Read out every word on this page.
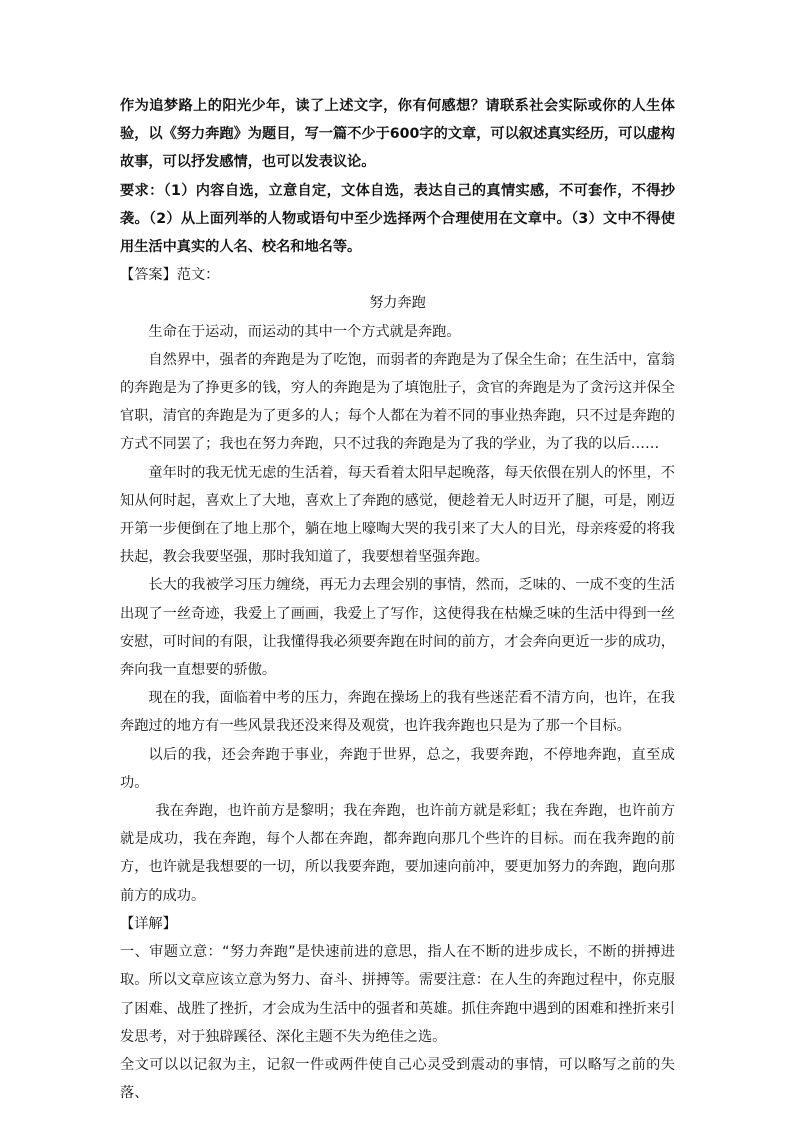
作为追梦路上的阳光少年，读了上述文字，你有何感想？请联系社会实际或你的人生体验，以《努力奔跑》为题目，写一篇不少于600字的文章，可以叙述真实经历，可以虚构故事，可以抒发感情，也可以发表议论。

要求：（1）内容自选，立意自定，文体自选，表达自己的真情实感，不可套作，不得抄袭。（2）从上面列举的人物或语句中至少选择两个合理使用在文章中。（3）文中不得使用生活中真实的人名、校名和地名等。

【答案】范文：

努力奔跑

生命在于运动，而运动的其中一个方式就是奔跑。

自然界中，强者的奔跑是为了吃饱，而弱者的奔跑是为了保全生命；在生活中，富翁的奔跑是为了挣更多的钱，穷人的奔跑是为了填饱肚子，贪官的奔跑是为了贪污这并保全官职，清官的奔跑是为了更多的人；每个人都在为着不同的事业热奔跑，只不过是奔跑的方式不同罢了；我也在努力奔跑，只不过我的奔跑是为了我的学业，为了我的以后……

童年时的我无忧无虑的生活着，每天看着太阳早起晚落，每天依偎在别人的怀里，不知从何时起，喜欢上了大地，喜欢上了奔跑的感觉，便趁着无人时迈开了腿，可是，刚迈开第一步便倒在了地上那个，躺在地上嚎啕大哭的我引来了大人的目光，母亲疼爱的将我扶起，教会我要坚强，那时我知道了，我要想着坚强奔跑。

长大的我被学习压力缠绕，再无力去理会别的事情，然而，乏味的、一成不变的生活出现了一丝奇迹，我爱上了画画，我爱上了写作，这使得我在枯燥乏味的生活中得到一丝安慰，可时间的有限，让我懂得我必须要奔跑在时间的前方，才会奔向更近一步的成功，奔向我一直想要的骄傲。

现在的我，面临着中考的压力，奔跑在操场上的我有些迷茫看不清方向，也许，在我奔跑过的地方有一些风景我还没来得及观赏，也许我奔跑也只是为了那一个目标。

以后的我，还会奔跑于事业，奔跑于世界，总之，我要奔跑，不停地奔跑，直至成功。

我在奔跑，也许前方是黎明；我在奔跑，也许前方就是彩虹；我在奔跑，也许前方就是成功，我在奔跑，每个人都在奔跑，都奔跑向那几个些许的目标。而在我奔跑的前方，也许就是我想要的一切，所以我要奔跑，要加速向前冲，要更加努力的奔跑，跑向那前方的成功。

【详解】

一、审题立意：“努力奔跑”是快速前进的意思，指人在不断的进步成长，不断的拼搏进取。所以文章应该立意为努力、奋斗、拼搏等。需要注意：在人生的奔跑过程中，你克服了困难、战胜了挫折，才会成为生活中的强者和英雄。抓住奔跑中遇到的困难和挫折来引发思考，对于独辟蹊径、深化主题不失为绝佳之选。

全文可以以记叙为主，记叙一件或两件使自己心灵受到震动的事情，可以略写之前的失落、
